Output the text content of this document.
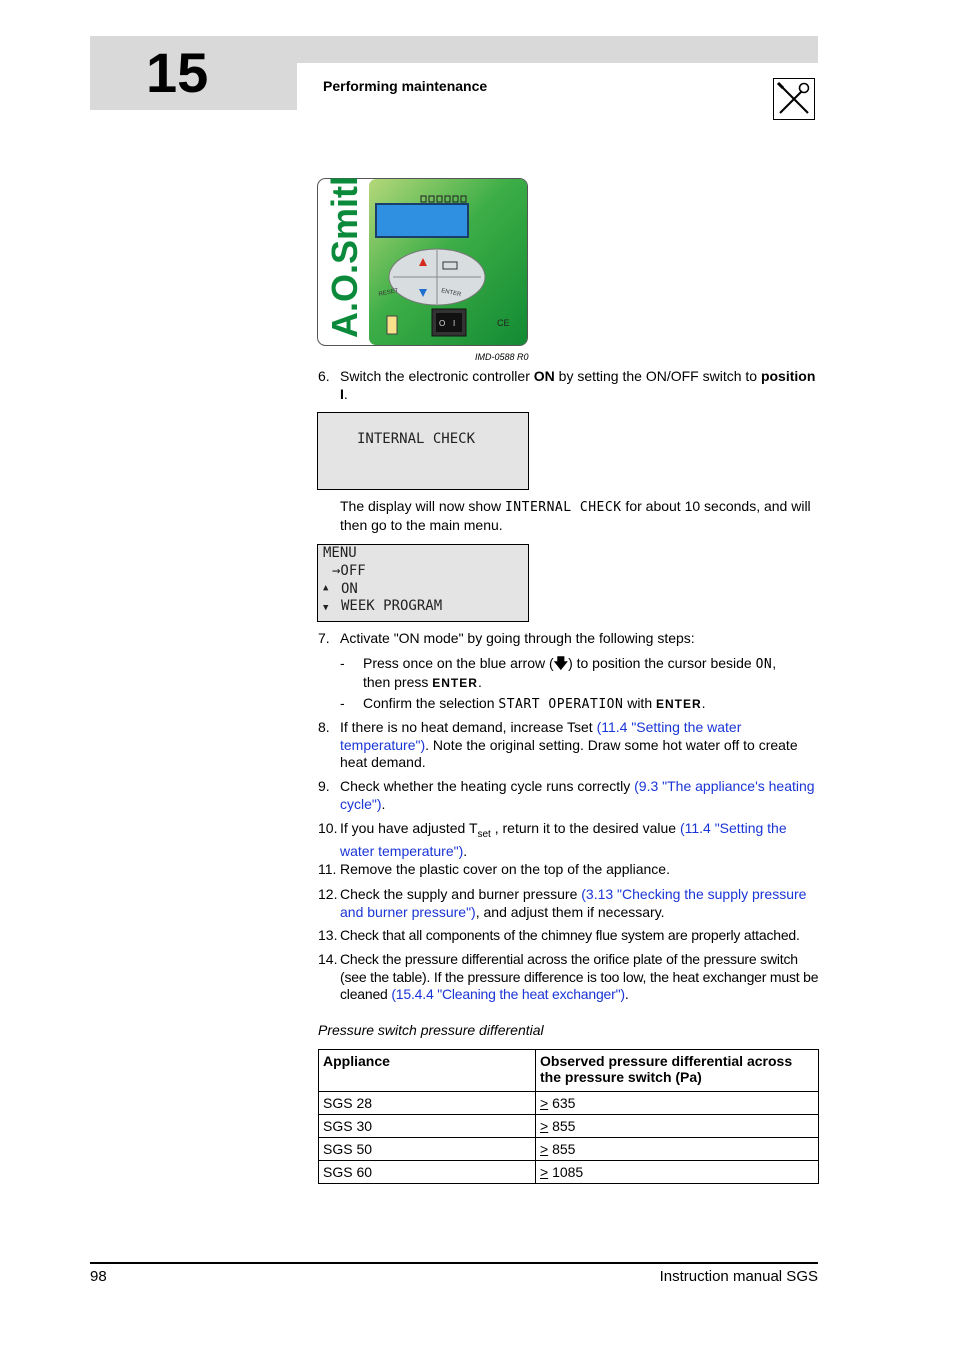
15	Performing maintenance
RESET	ENTER
O I	CE
A.O.Smith
IMD-0588 R0
6. Switch the electronic controller ON by setting the ON/OFF switch to position I.
INTERNAL CHECK
The display will now show INTERNAL CHECK for about 10 seconds, and will then go to the main menu.
MENU
→OFF
▲ ON
▼ WEEK PROGRAM
7. Activate "ON mode" by going through the following steps:
- Press once on the blue arrow (🡇) to position the cursor beside ON,
then press ENTER.
- Confirm the selection START OPERATION with ENTER.
8. If there is no heat demand, increase Tset (11.4 "Setting the water temperature"). Note the original setting. Draw some hot water off to create heat demand.
9. Check whether the heating cycle runs correctly (9.3 "The appliance's heating cycle").
10. If you have adjusted $T_{set}$ , return it to the desired value (11.4 "Setting the water temperature").
11. Remove the plastic cover on the top of the appliance.
12. Check the supply and burner pressure (3.13 "Checking the supply pressure and burner pressure"), and adjust them if necessary.
13. Check that all components of the chimney flue system are properly attached.
14. Check the pressure differential across the orifice plate of the pressure switch (see the table). If the pressure difference is too low, the heat exchanger must be cleaned (15.4.4 "Cleaning the heat exchanger").
Pressure switch pressure differential
Appliance	Observed pressure differential across the pressure switch (Pa)
SGS 28	> 635
SGS 30	> 855
SGS 50	> 855
SGS 60	> 1085
98	Instruction manual SGS
